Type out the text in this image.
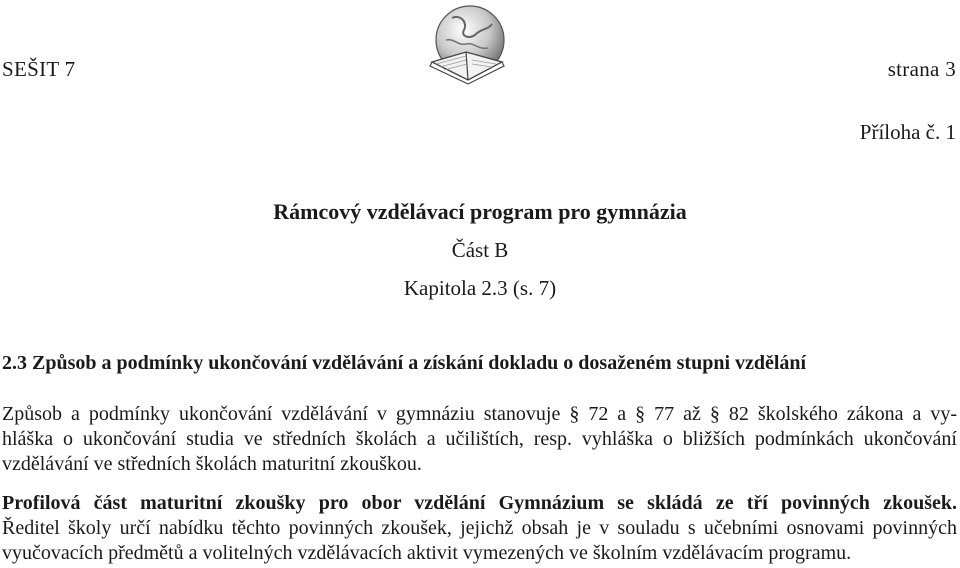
SEŠIT 7	strana 3
Příloha č. 1
Rámcový vzdělávací program pro gymnázia
Část B
Kapitola 2.3 (s. 7)
2.3 Způsob a podmínky ukončování vzdělávání a získání dokladu o dosaženém stupni vzdělání
Způsob a podmínky ukončování vzdělávání v gymnáziu stanovuje § 72 a § 77 až § 82 školského zákona a vy-
hláška o ukončování studia ve středních školách a učilištích, resp. vyhláška o bližších podmínkách ukončování
vzdělávání ve středních školách maturitní zkouškou.
Profilová část maturitní zkoušky pro obor vzdělání Gymnázium se skládá ze tří povinných zkoušek.
Ředitel školy určí nabídku těchto povinných zkoušek, jejichž obsah je v souladu s učebními osnovami povinných
vyučovacích předmětů a volitelných vzdělávacích aktivit vymezených ve školním vzdělávacím programu.
